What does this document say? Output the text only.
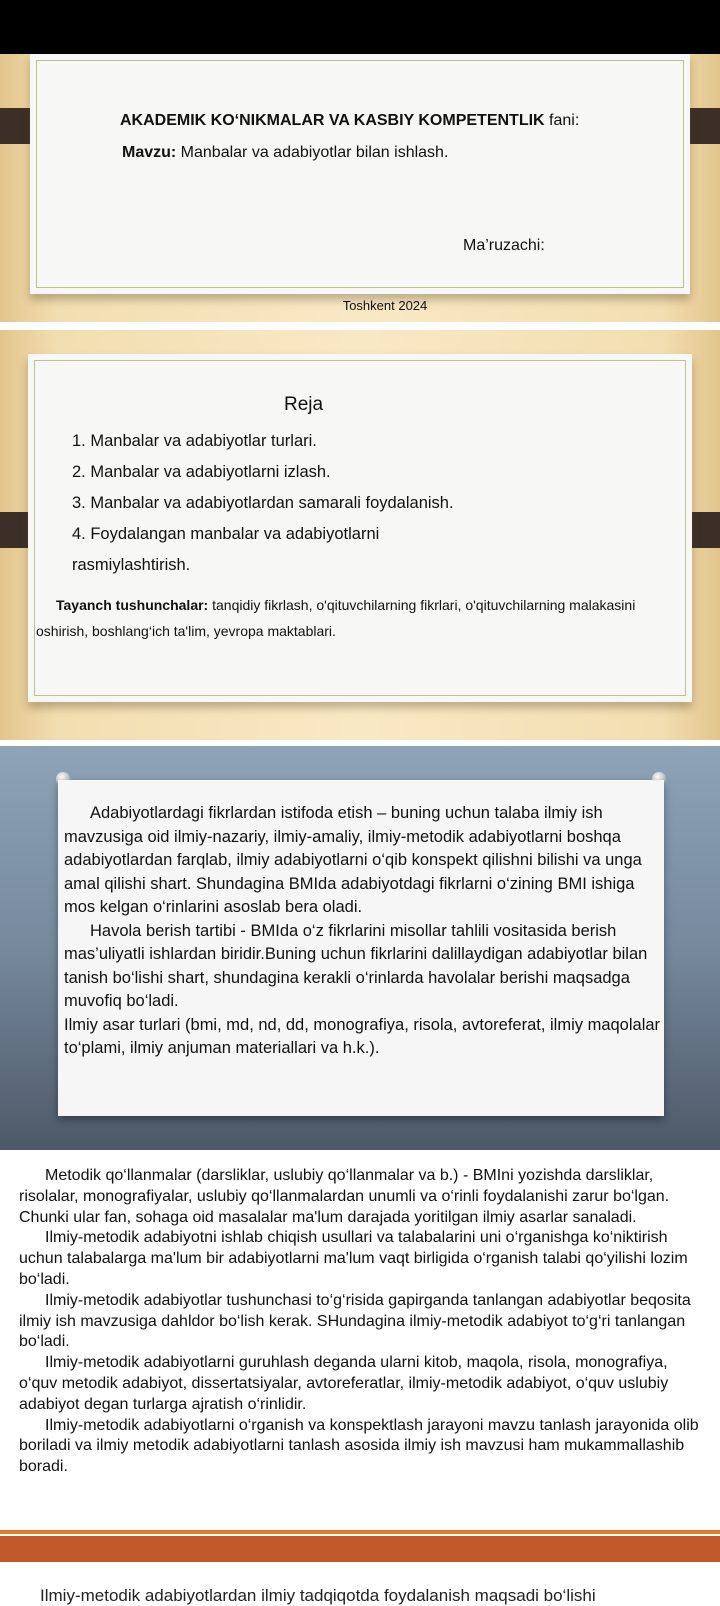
AKADEMIK KO‘NIKMALAR VA KASBIY KOMPETENTLIK fani:
Mavzu: Manbalar va adabiyotlar bilan ishlash.
Ma’ruzachi:
Toshkent 2024
Reja
1. Manbalar va adabiyotlar turlari.
2. Manbalar va adabiyotlarni izlash.
3. Manbalar va adabiyotlardan samarali foydalanish.
4. Foydalangan manbalar va adabiyotlarni
rasmiylashtirish.
Tayanch tushunchalar: tanqidiy fikrlash, o'qituvchilarning fikrlari, o'qituvchilarning malakasini oshirish, boshlang‘ich ta'lim, yevropa maktablari.

Adabiyotlardagi fikrlardan istifoda etish – buning uchun talaba ilmiy ish mavzusiga oid ilmiy-nazariy, ilmiy-amaliy, ilmiy-metodik adabiyotlarni boshqa adabiyotlardan farqlab, ilmiy adabiyotlarni o‘qib konspekt qilishni bilishi va unga amal qilishi shart. Shundagina BMIda adabiyotdagi fikrlarni o‘zining BMI ishiga mos kelgan o‘rinlarini asoslab bera oladi.

Havola berish tartibi - BMIda o‘z fikrlarini misollar tahlili vositasida berish mas’uliyatli ishlardan biridir.Buning uchun fikrlarini dalillaydigan adabiyotlar bilan tanish bo‘lishi shart, shundagina kerakli o‘rinlarda havolalar berishi maqsadga muvofiq bo‘ladi.

Ilmiy asar turlari (bmi, md, nd, dd, monografiya, risola, avtoreferat, ilmiy maqolalar to‘plami, ilmiy anjuman materiallari va h.k.).

Metodik qo‘llanmalar (darsliklar, uslubiy qo‘llanmalar va b.) - BMIni yozishda darsliklar, risolalar, monografiyalar, uslubiy qo‘llanmalardan unumli va o‘rinli foydalanishi zarur bo‘lgan. Chunki ular fan, sohaga oid masalalar ma'lum darajada yoritilgan ilmiy asarlar sanaladi.

Ilmiy-metodik adabiyotni ishlab chiqish usullari va talabalarini uni o‘rganishga ko‘niktirish uchun talabalarga ma'lum bir adabiyotlarni ma'lum vaqt birligida o‘rganish talabi qo‘yilishi lozim bo‘ladi.

Ilmiy-metodik adabiyotlar tushunchasi to‘g‘risida gapirganda tanlangan adabiyotlar beqosita ilmiy ish mavzusiga dahldor bo‘lish kerak. SHundagina ilmiy-metodik adabiyot to‘g‘ri tanlangan bo‘ladi.

Ilmiy-metodik adabiyotlarni guruhlash deganda ularni kitob, maqola, risola, monografiya, o‘quv metodik adabiyot, dissertatsiyalar, avtoreferatlar, ilmiy-metodik adabiyot, o‘quv uslubiy adabiyot degan turlarga ajratish o‘rinlidir.

Ilmiy-metodik adabiyotlarni o‘rganish va konspektlash jarayoni mavzu tanlash jarayonida olib boriladi va ilmiy metodik adabiyotlarni tanlash asosida ilmiy ish mavzusi ham mukammallashib boradi.

Ilmiy-metodik adabiyotlardan ilmiy tadqiqotda foydalanish maqsadi bo‘lishi
